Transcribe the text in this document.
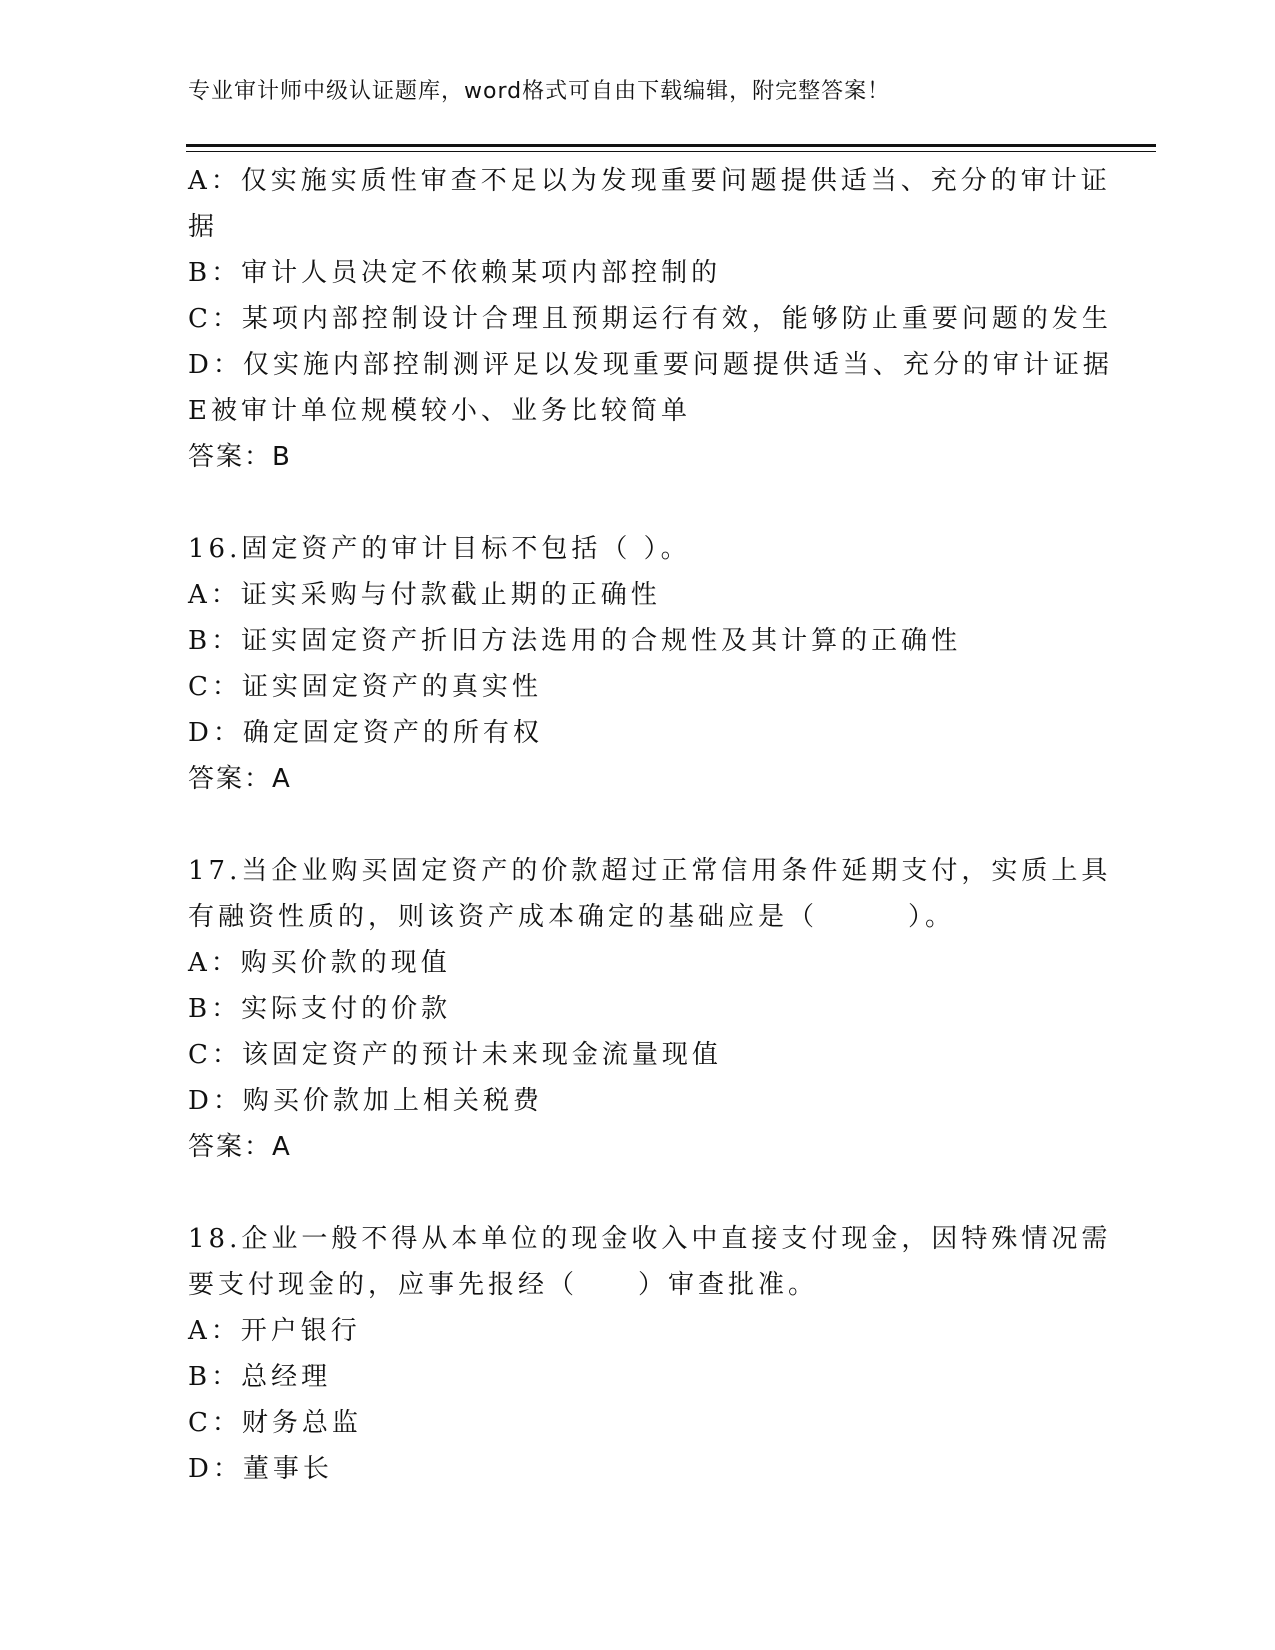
专业审计师中级认证题库，word格式可自由下载编辑，附完整答案！
A：仅实施实质性审查不足以为发现重要问题提供适当、充分的审计证
据
B：审计人员决定不依赖某项内部控制的
C：某项内部控制设计合理且预期运行有效，能够防止重要问题的发生
D：仅实施内部控制测评足以发现重要问题提供适当、充分的审计证据
E被审计单位规模较小、业务比较简单
答案：B
16.固定资产的审计目标不包括（ ）。
A：证实采购与付款截止期的正确性
B：证实固定资产折旧方法选用的合规性及其计算的正确性
C：证实固定资产的真实性
D：确定固定资产的所有权
答案：A
17.当企业购买固定资产的价款超过正常信用条件延期支付，实质上具
有融资性质的，则该资产成本确定的基础应是（　　　）。
A：购买价款的现值
B：实际支付的价款
C：该固定资产的预计未来现金流量现值
D：购买价款加上相关税费
答案：A
18.企业一般不得从本单位的现金收入中直接支付现金，因特殊情况需
要支付现金的，应事先报经（　　）审查批准。
A：开户银行
B：总经理
C：财务总监
D：董事长
